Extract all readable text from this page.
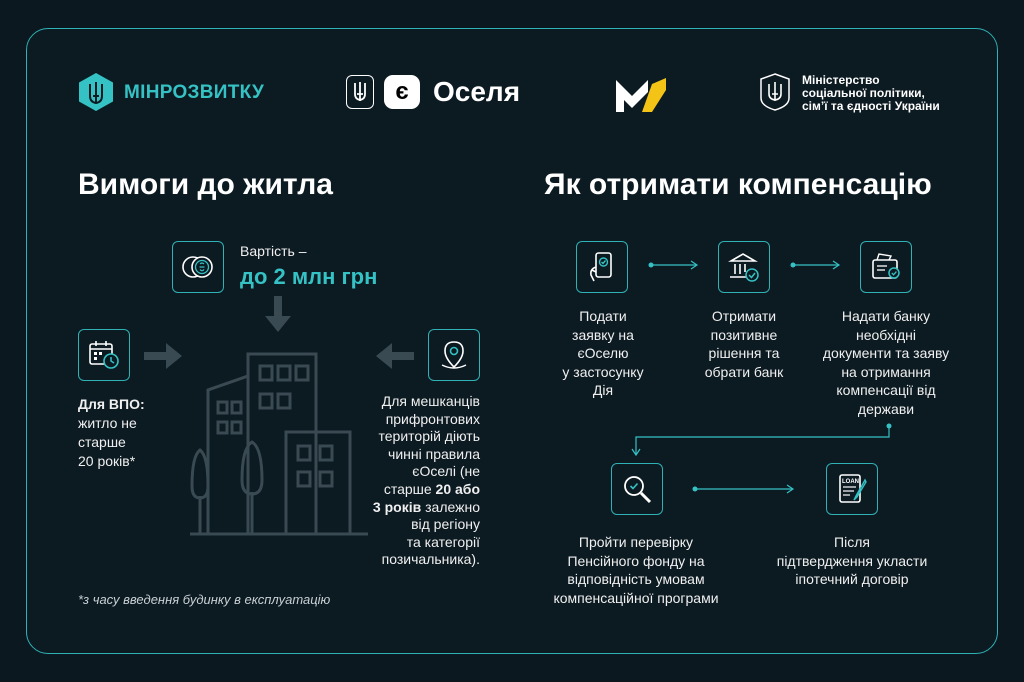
МІНРОЗВИТКУ	є Оселя	Міністерство
соціальної політики,
сім’ї та єдності України
Вимоги до житла
Вартість –
до 2 млн грн
Для ВПО:
житло не
старше
20 років*
Для мешканців
прифронтових
територій діють
чинні правила
єОселі (не
старше 20 або
3 років залежно
від регіону
та категорії
позичальника).
*з часу введення будинку в експлуатацію
Як отримати компенсацію
Подати
заявку на
єОселю
у застосунку
Дія
Отримати
позитивне
рішення та
обрати банк
Надати банку
необхідні
документи та заяву
на отримання
компенсації від
держави
Пройти перевірку
Пенсійного фонду на
відповідність умовам
компенсаційної програми
LOAN
Після
підтвердження укласти
іпотечний договір
